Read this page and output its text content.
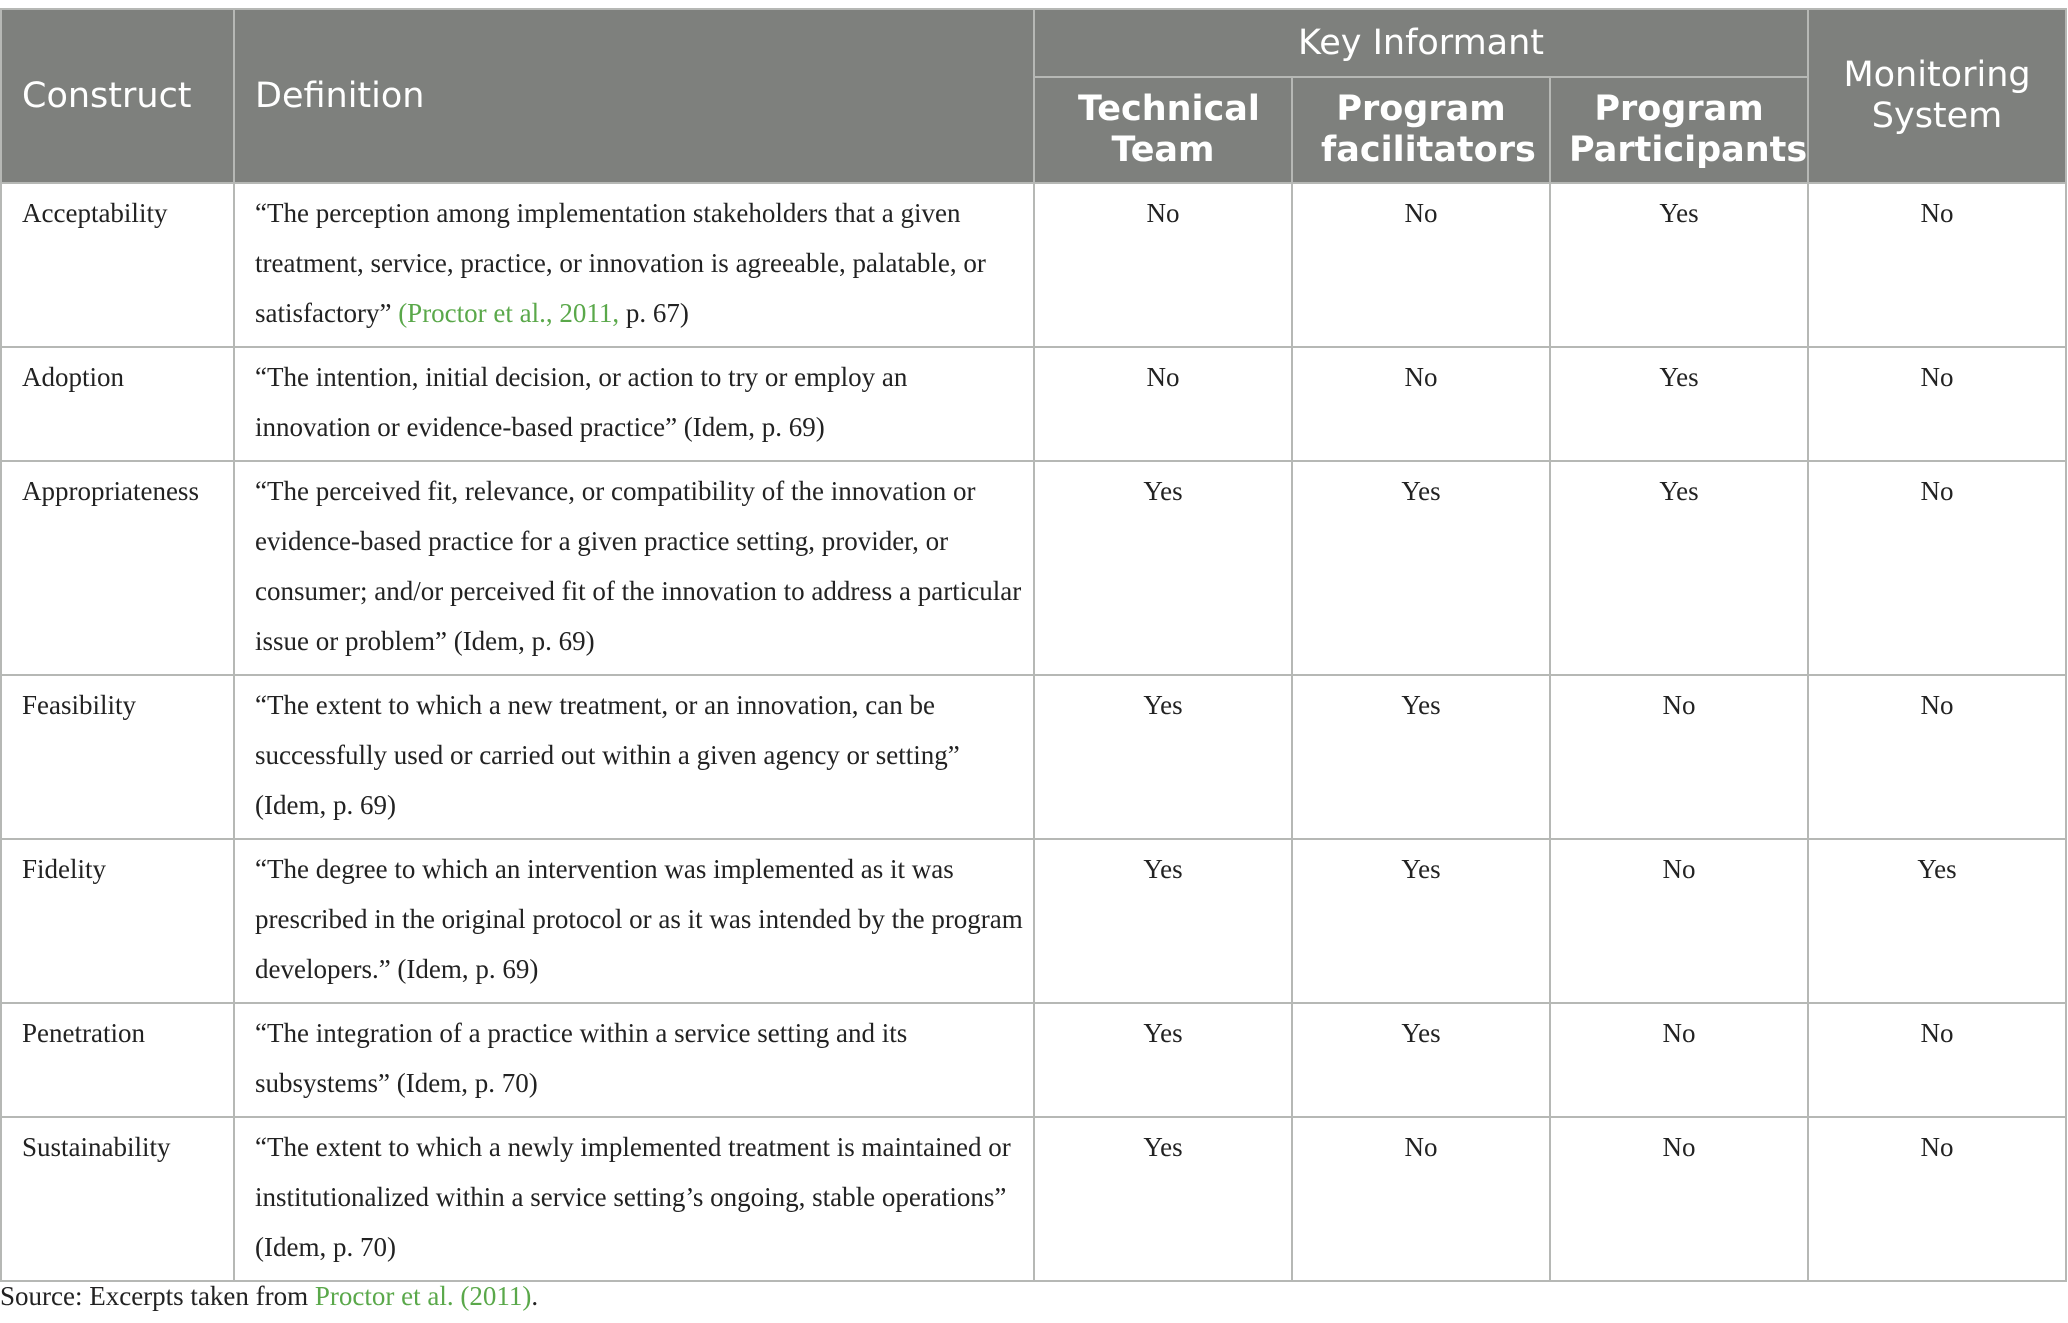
Construct	Definition	Key Informant			Monitoring System
		Technical Team	Program facilitators	Program Participants	
Acceptability	“The perception among implementation stakeholders that a given treatment, service, practice, or innovation is agreeable, palatable, or satisfactory” (Proctor et al., 2011, p. 67)	No	No	Yes	No
Adoption	“The intention, initial decision, or action to try or employ an innovation or evidence-based practice” (Idem, p. 69)	No	No	Yes	No
Appropriateness	“The perceived fit, relevance, or compatibility of the innovation or evidence-based practice for a given practice setting, provider, or consumer; and/or perceived fit of the innovation to address a particular issue or problem” (Idem, p. 69)	Yes	Yes	Yes	No
Feasibility	“The extent to which a new treatment, or an innovation, can be successfully used or carried out within a given agency or setting” (Idem, p. 69)	Yes	Yes	No	No
Fidelity	“The degree to which an intervention was implemented as it was prescribed in the original protocol or as it was intended by the program developers.” (Idem, p. 69)	Yes	Yes	No	Yes
Penetration	“The integration of a practice within a service setting and its subsystems” (Idem, p. 70)	Yes	Yes	No	No
Sustainability	“The extent to which a newly implemented treatment is maintained or institutionalized within a service setting’s ongoing, stable operations” (Idem, p. 70)	Yes	No	No	No
Source: Excerpts taken from Proctor et al. (2011).
